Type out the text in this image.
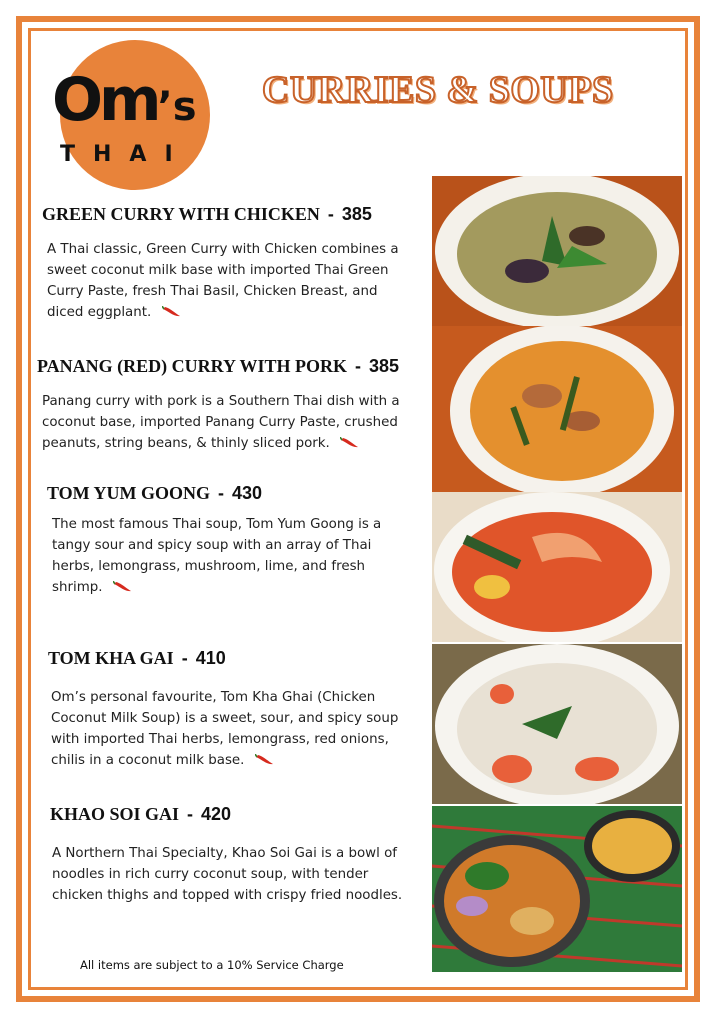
Om’s
THAI
CURRIES & SOUPS
GREEN CURRY WITH CHICKEN - 385
A Thai classic, Green Curry with Chicken combines a sweet coconut milk base with imported Thai Green Curry Paste, fresh Thai Basil, Chicken Breast, and diced eggplant.
PANANG (RED) CURRY WITH PORK - 385
Panang curry with pork is a Southern Thai dish with a coconut base, imported Panang Curry Paste, crushed peanuts, string beans, & thinly sliced pork.
TOM YUM GOONG - 430
The most famous Thai soup, Tom Yum Goong is a tangy sour and spicy soup with an array of Thai herbs, lemongrass, mushroom, lime, and fresh shrimp.
TOM KHA GAI - 410
Om’s personal favourite, Tom Kha Ghai (Chicken Coconut Milk Soup) is a sweet, sour, and spicy soup with imported Thai herbs, lemongrass, red onions, chilis in a coconut milk base.
KHAO SOI GAI - 420
A Northern Thai Specialty, Khao Soi Gai is a bowl of noodles in rich curry coconut soup, with tender chicken thighs and topped with crispy fried noodles.
All items are subject to a 10% Service Charge
